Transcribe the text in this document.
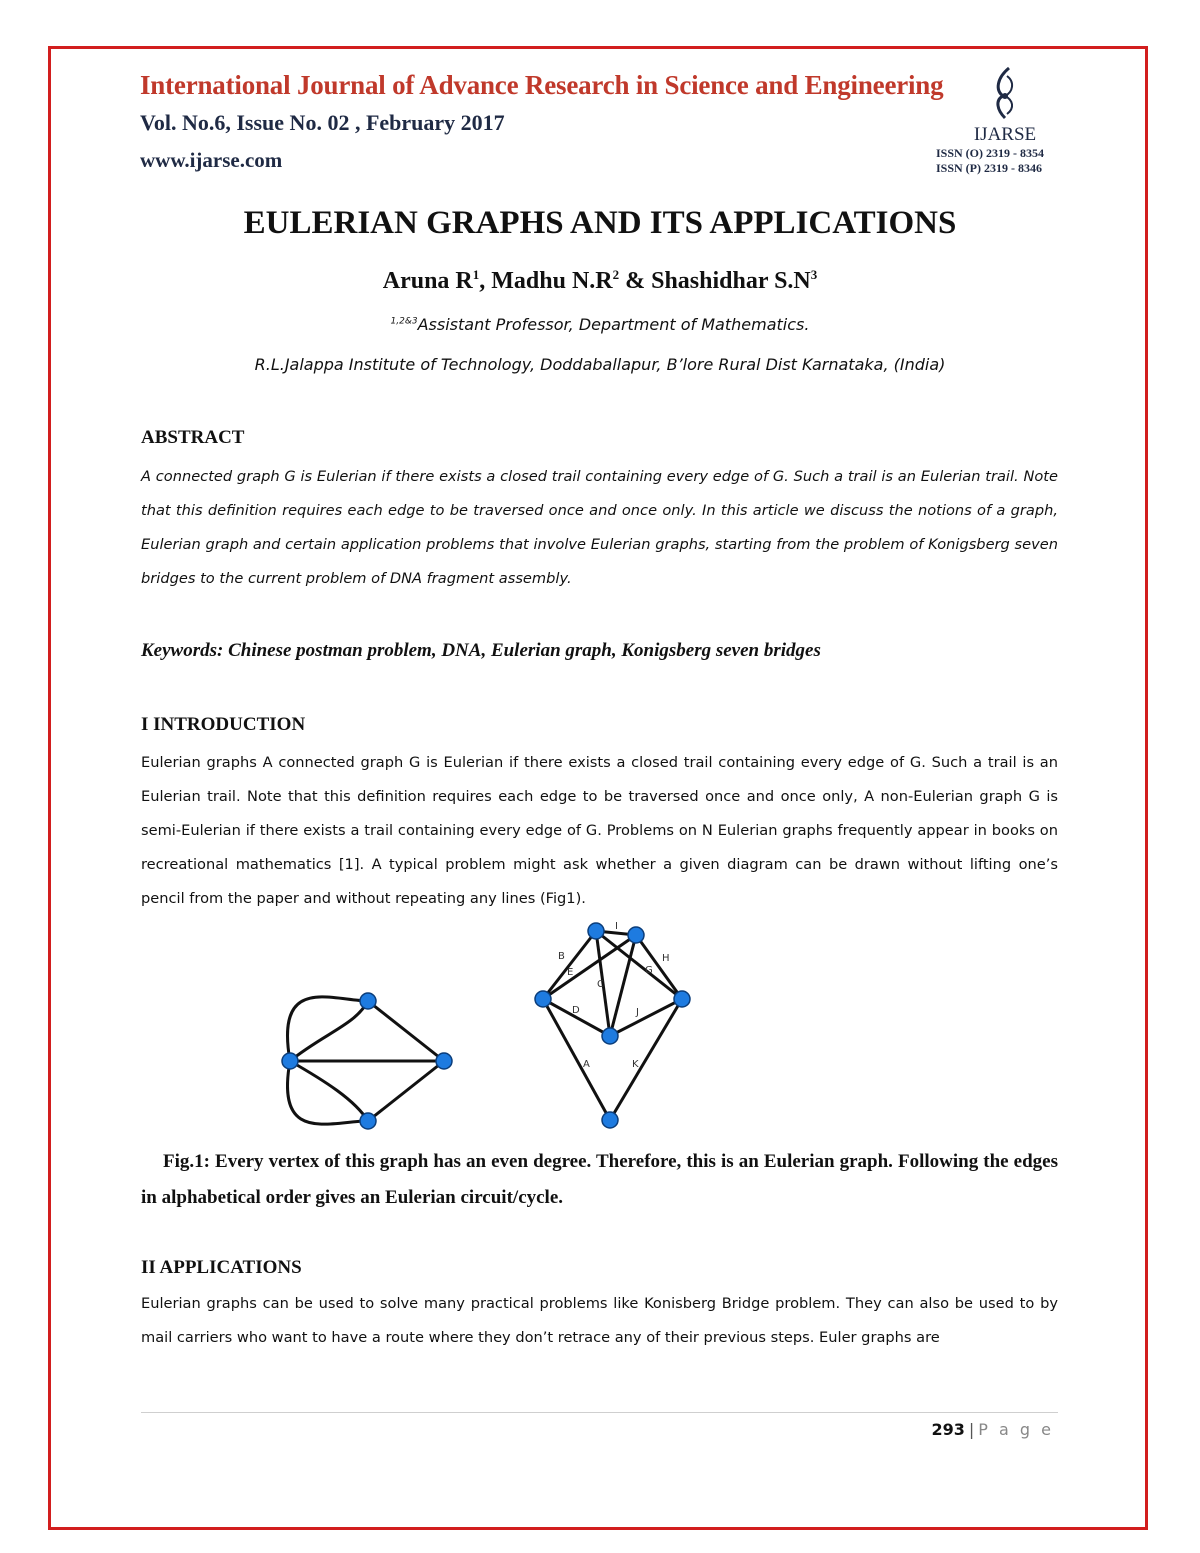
International Journal of Advance Research in Science and Engineering
Vol. No.6, Issue No. 02 , February 2017
www.ijarse.com
IJARSE
ISSN (O) 2319 - 8354
ISSN (P) 2319 - 8346
EULERIAN GRAPHS AND ITS APPLICATIONS
Aruna $R^1$, Madhu $N.R^2$ & Shashidhar $S.N^3$
$^{1,2\&3}$Assistant Professor, Department of Mathematics.
R.L.Jalappa Institute of Technology, Doddaballapur, B’lore Rural Dist Karnataka, (India)
ABSTRACT
A connected graph G is Eulerian if there exists a closed trail containing every edge of G. Such a trail is an Eulerian trail. Note that this definition requires each edge to be traversed once and once only. In this article we discuss the notions of a graph, Eulerian graph and certain application problems that involve Eulerian graphs, starting from the problem of Konigsberg seven bridges to the current problem of DNA fragment assembly.
Keywords: Chinese postman problem, DNA, Eulerian graph, Konigsberg seven bridges
I INTRODUCTION
Eulerian graphs A connected graph G is Eulerian if there exists a closed trail containing every edge of G. Such a trail is an Eulerian trail. Note that this definition requires each edge to be traversed once and once only, A non-Eulerian graph G is semi-Eulerian if there exists a trail containing every edge of G. Problems on N Eulerian graphs frequently appear in books on recreational mathematics [1]. A typical problem might ask whether a given diagram can be drawn without lifting one’s pencil from the paper and without repeating any lines (Fig1).
I
B
E
C
G
H
D	J
A	K
Fig.1: Every vertex of this graph has an even degree. Therefore, this is an Eulerian graph. Following the edges in alphabetical order gives an Eulerian circuit/cycle.
II APPLICATIONS
Eulerian graphs can be used to solve many practical problems like Konisberg Bridge problem. They can also be used to by mail carriers who want to have a route where they don’t retrace any of their previous steps. Euler graphs are
293 | P a g e
